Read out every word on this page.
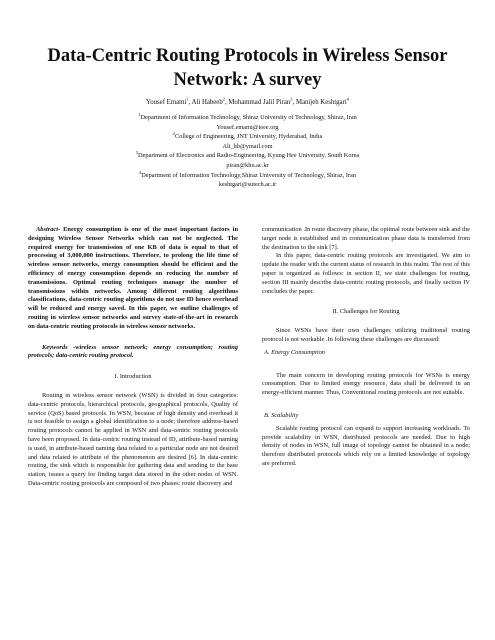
Data-Centric Routing Protocols in Wireless Sensor Network: A survey
Yousef Emami$^1$, Ali Habeeb$^2$, Mohammad Jalil Piran$^3$, Manijeh Keshtgari$^4$

$^1$Department of Information Technology, Shiraz University of Technology, Shiraz, Iran

Yousef.emami@ieee.org

$^2$College of Engineering, JNT University, Hyderabad, India

Ali_hb@ymail.com

$^3$Department of Electronics and Radio-Engineering, Kyung Hee University, South Korea

piran@khu.ac.kr

$^4$Department of Information Technology,Shiraz University of Technology, Shiraz, Iran

keshtgari@sutech.ac.ir

Abstract- Energy consumption is one of the most important factors in designing Wireless Sensor Networks which can not be neglected. The required energy for transmission of one KB of data is equal to that of processing of 3,000,000 instructions. Therefore, to prolong the life time of wireless sensor networks, energy consumption should be efficient and the efficiency of energy consumption depends on reducing the number of transmissions. Optimal routing techniques manage the number of transmissions within networks. Among different routing algorithms classifications, data-centric routing algorithms do not use ID hence overhead will be reduced and energy saved. In this paper, we outline challenges of routing in wireless sensor networks and survey state-of-the-art in research on data-centric routing protocols in wireless sensor networks.

Keywords -wireless sensor network; energy consumption; routing protocols; data-centric routing protocol.

I. Introduction

Routing in wireless sensor network (WSN) is divided in four categories: data-centric protocols, hierarchical protocols, geographical protocols, Quality of service (QoS) based protocols. In WSN, because of high density and overhead it is not feasible to assign a global identification to a node; therefore address-based routing protocols cannot be applied in WSN and data-centric routing protocols have been proposed. In data-centric routing instead of ID, attribute-based naming is used, in attribute-based naming data related to a particular node are not desired and data related to attribute of the phenomenon are desired [6]. In data-centric routing, the sink which is responsible for gathering data and sending to the base station, issues a query for finding target data stored in the other nodes of WSN. Data-centric routing protocols are composed of two phases: route discovery and

communication .In route discovery phase, the optimal route between sink and the target node is established and in communication phase data is transferred from the destination to the sink [7].

In this paper, data-centric routing protocols are investigated. We aim to update the reader with the current status of research in this realm. The rest of this paper is organized as follows: in section II, we state challenges for routing, section III mainly describe data-centric routing protocols, and finally section IV concludes the paper.

II. Challenges for Routing

Since WSNs have their own challenges utilizing traditional routing protocol is not workable .In following these challenges are discussed:

A. Energy Consumption

The main concern in developing routing protocols for WSNs is energy consumption. Due to limited energy resource, data shall be delivered in an energy-efficient manner. Thus, Conventional routing protocols are not suitable.

B. Scalability

Scalable routing protocol can expand to support increasing workloads. To provide scalability in WSN, distributed protocols are needed. Due to high density of nodes in WSN, full image of topology cannot be obtained in a node; therefore distributed protocols which rely on a limited knowledge of topology are preferred.
